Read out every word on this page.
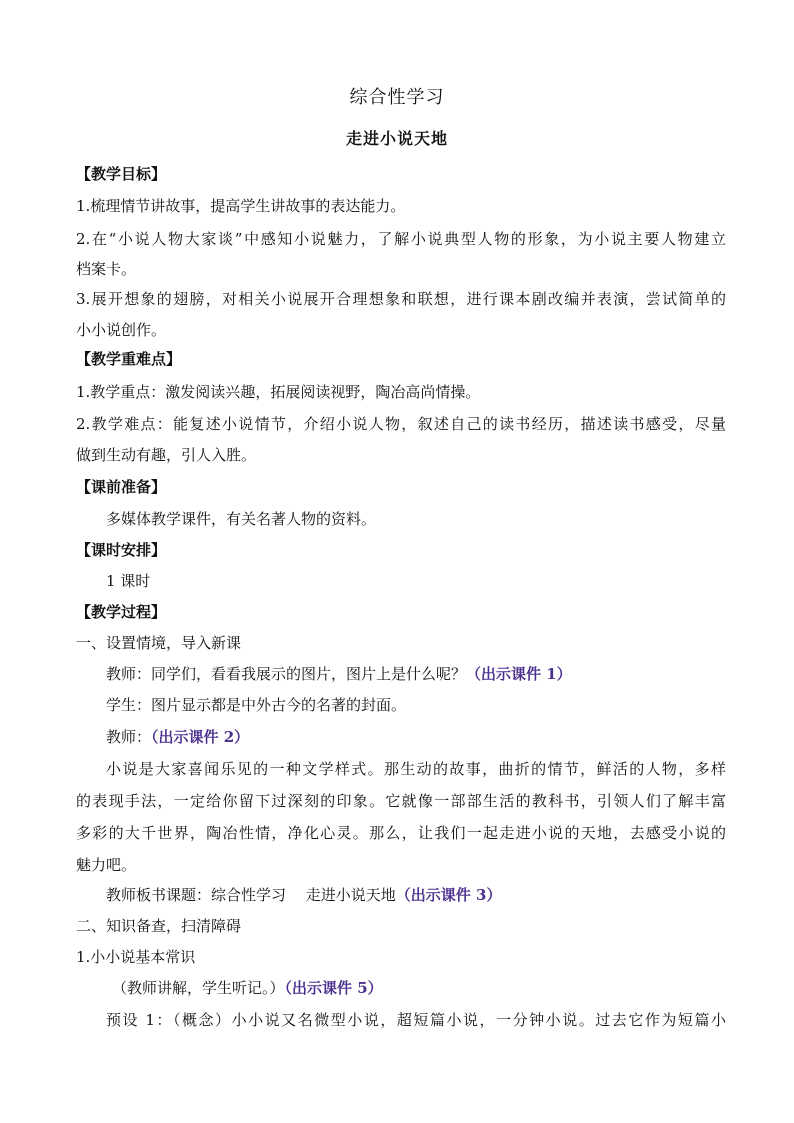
综合性学习
走进小说天地
【教学目标】
1.梳理情节讲故事，提高学生讲故事的表达能力。
2.在“小说人物大家谈”中感知小说魅力，了解小说典型人物的形象，为小说主要人物建立
档案卡。
3.展开想象的翅膀，对相关小说展开合理想象和联想，进行课本剧改编并表演，尝试简单的
小小说创作。
【教学重难点】
1.教学重点：激发阅读兴趣，拓展阅读视野，陶冶高尚情操。
2.教学难点：能复述小说情节，介绍小说人物，叙述自己的读书经历，描述读书感受，尽量
做到生动有趣，引人入胜。
【课前准备】
多媒体教学课件，有关名著人物的资料。
【课时安排】
1 课时
【教学过程】
一、设置情境，导入新课
教师：同学们，看看我展示的图片，图片上是什么呢？（出示课件 1）
学生：图片显示都是中外古今的名著的封面。
教师：（出示课件 2）
小说是大家喜闻乐见的一种文学样式。那生动的故事，曲折的情节，鲜活的人物，多样
的表现手法，一定给你留下过深刻的印象。它就像一部部生活的教科书，引领人们了解丰富
多彩的大千世界，陶冶性情，净化心灵。那么，让我们一起走进小说的天地，去感受小说的
魅力吧。
教师板书课题：综合性学习　 走进小说天地（出示课件 3）
二、知识备查，扫清障碍
1.小小说基本常识
（教师讲解，学生听记。）（出示课件 5）
预设 1：（概念）小小说又名微型小说，超短篇小说，一分钟小说。过去它作为短篇小
